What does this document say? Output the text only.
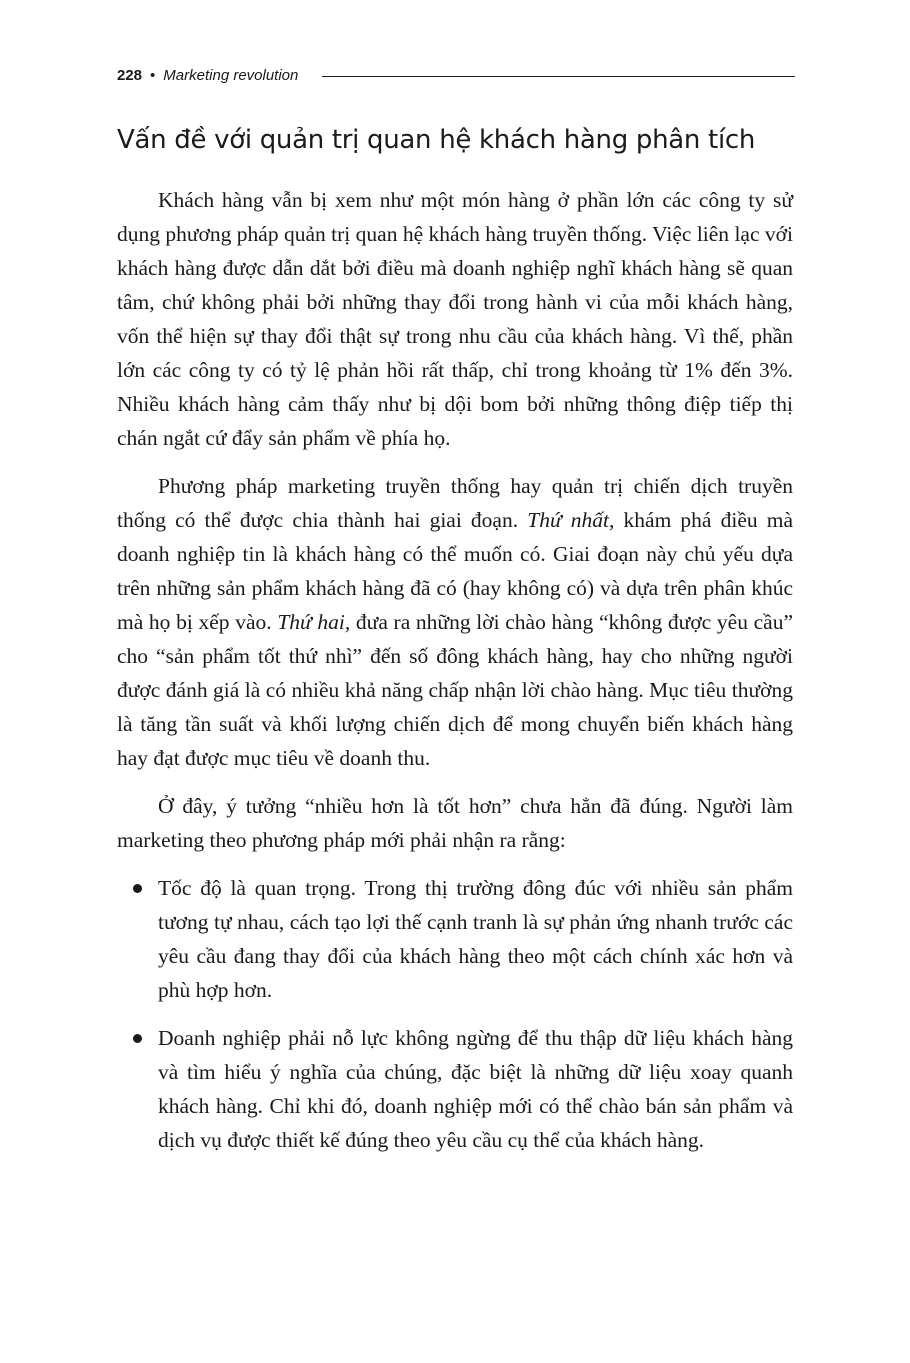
228 • Marketing revolution
Vấn đề với quản trị quan hệ khách hàng phân tích

Khách hàng vẫn bị xem như một món hàng ở phần lớn các công ty sử dụng phương pháp quản trị quan hệ khách hàng truyền thống. Việc liên lạc với khách hàng được dẫn dắt bởi điều mà doanh nghiệp nghĩ khách hàng sẽ quan tâm, chứ không phải bởi những thay đổi trong hành vi của mỗi khách hàng, vốn thể hiện sự thay đổi thật sự trong nhu cầu của khách hàng. Vì thế, phần lớn các công ty có tỷ lệ phản hồi rất thấp, chỉ trong khoảng từ 1% đến 3%. Nhiều khách hàng cảm thấy như bị dội bom bởi những thông điệp tiếp thị chán ngắt cứ đẩy sản phẩm về phía họ.

Phương pháp marketing truyền thống hay quản trị chiến dịch truyền thống có thể được chia thành hai giai đoạn. Thứ nhất, khám phá điều mà doanh nghiệp tin là khách hàng có thể muốn có. Giai đoạn này chủ yếu dựa trên những sản phẩm khách hàng đã có (hay không có) và dựa trên phân khúc mà họ bị xếp vào. Thứ hai, đưa ra những lời chào hàng “không được yêu cầu” cho “sản phẩm tốt thứ nhì” đến số đông khách hàng, hay cho những người được đánh giá là có nhiều khả năng chấp nhận lời chào hàng. Mục tiêu thường là tăng tần suất và khối lượng chiến dịch để mong chuyển biến khách hàng hay đạt được mục tiêu về doanh thu.

Ở đây, ý tưởng “nhiều hơn là tốt hơn” chưa hẳn đã đúng. Người làm marketing theo phương pháp mới phải nhận ra rằng:

Tốc độ là quan trọng. Trong thị trường đông đúc với nhiều sản phẩm tương tự nhau, cách tạo lợi thế cạnh tranh là sự phản ứng nhanh trước các yêu cầu đang thay đổi của khách hàng theo một cách chính xác hơn và phù hợp hơn.
Doanh nghiệp phải nỗ lực không ngừng để thu thập dữ liệu khách hàng và tìm hiểu ý nghĩa của chúng, đặc biệt là những dữ liệu xoay quanh khách hàng. Chỉ khi đó, doanh nghiệp mới có thể chào bán sản phẩm và dịch vụ được thiết kế đúng theo yêu cầu cụ thể của khách hàng.
